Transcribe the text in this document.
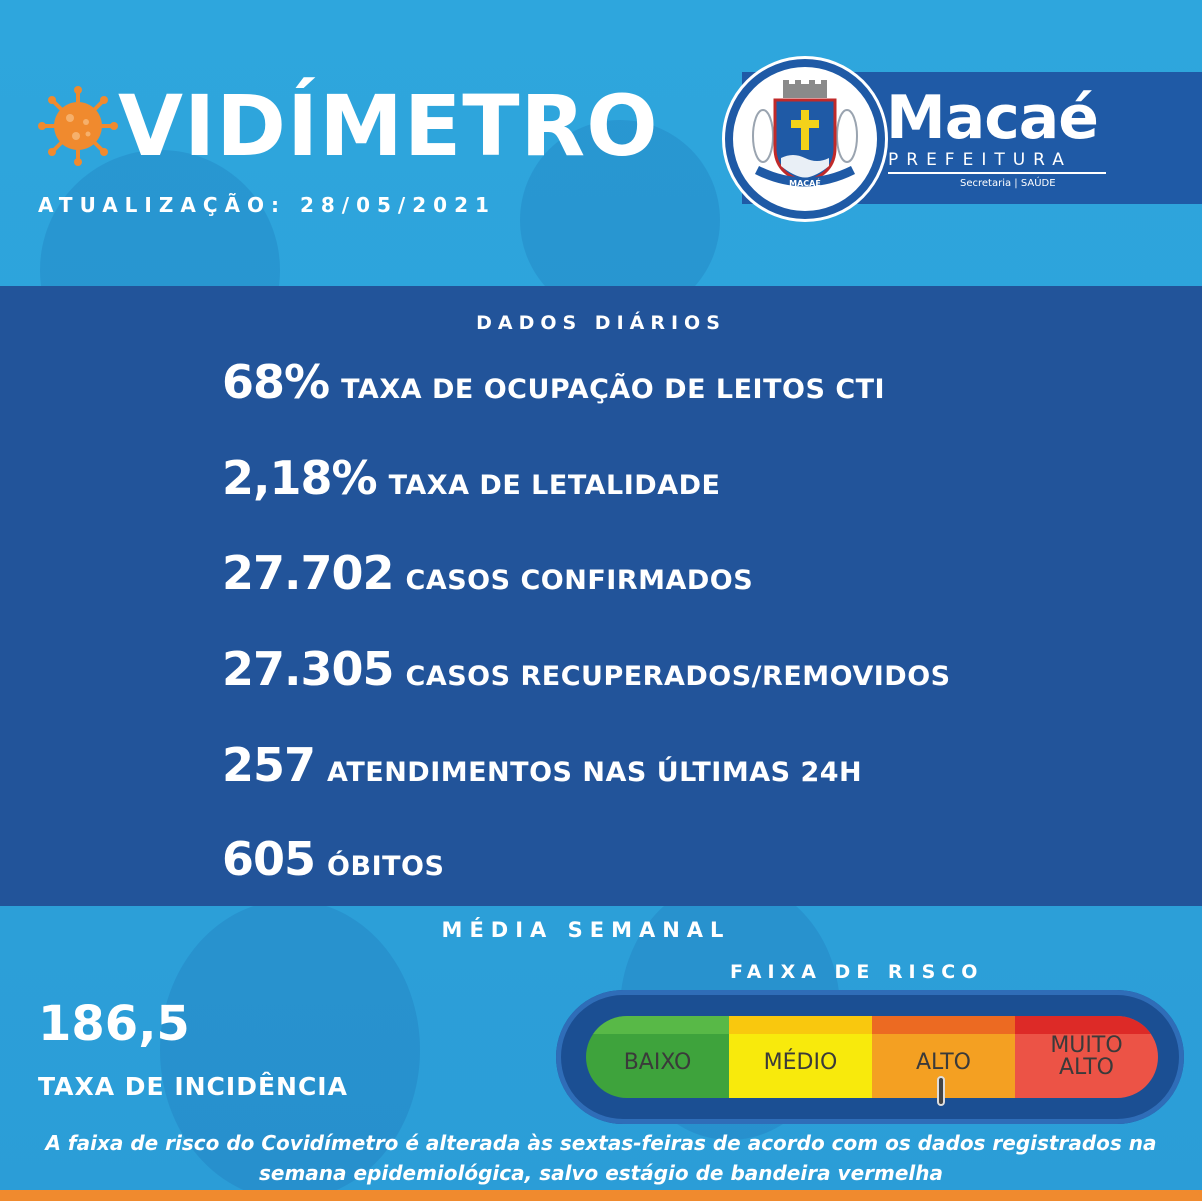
VIDÍMETRO

ATUALIZAÇÃO: 28/05/2021

MACAÉ
Macaé
PREFEITURA
Secretaria | SAÚDE
DADOS DIÁRIOS

68% TAXA DE OCUPAÇÃO DE LEITOS CTI

2,18% TAXA DE LETALIDADE

27.702 CASOS CONFIRMADOS

27.305 CASOS RECUPERADOS/REMOVIDOS

257 ATENDIMENTOS NAS ÚLTIMAS 24H

605 ÓBITOS

MÉDIA SEMANAL
FAIXA DE RISCO

186,5

TAXA DE INCIDÊNCIA

BAIXO	MÉDIO	ALTO

MUITO
ALTO

A faixa de risco do Covidímetro é alterada às sextas-feiras de acordo com os dados registrados na semana epidemiológica, salvo estágio de bandeira vermelha
